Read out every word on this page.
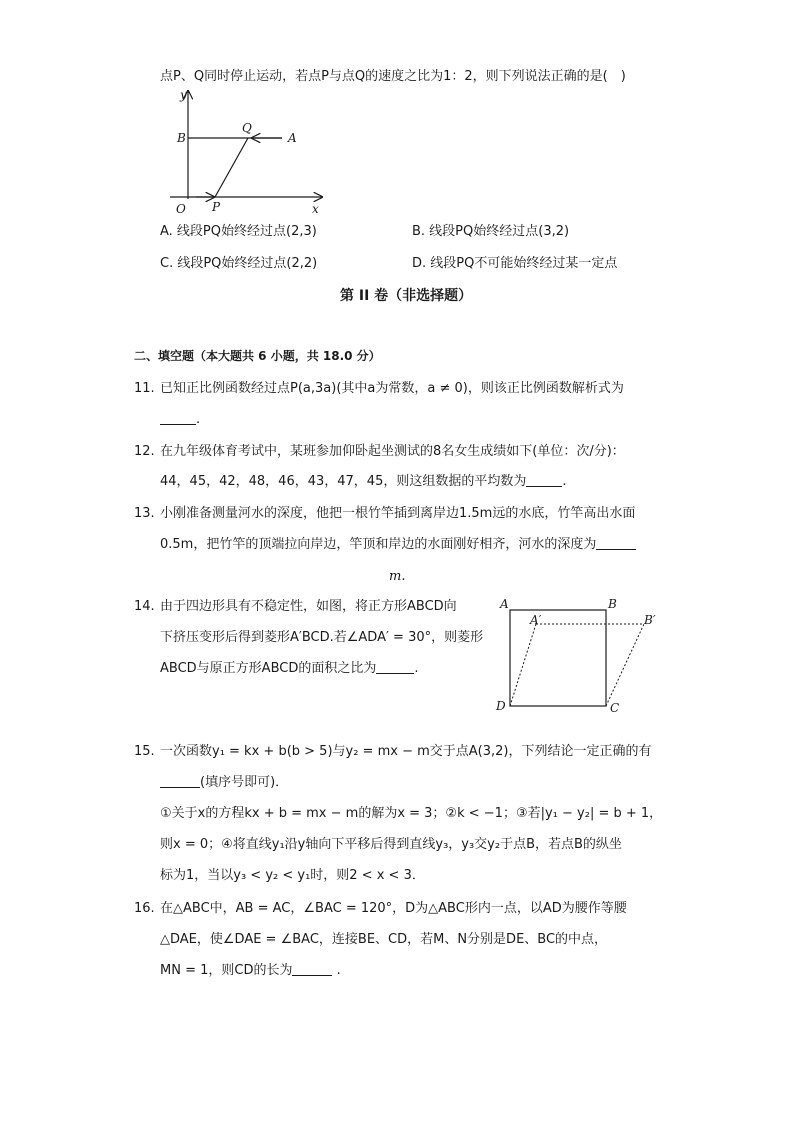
点P、Q同时停止运动，若点P与点Q的速度之比为1：2，则下列说法正确的是(　)
y
B
Q
A
O P	x
A. 线段PQ始终经过点(2,3)	B. 线段PQ始终经过点(3,2)
C. 线段PQ始终经过点(2,2)	D. 线段PQ不可能始终经过某一定点
第 II 卷（非选择题）
二、填空题（本大题共 6 小题，共 18.0 分）
11. 已知正比例函数经过点P(a,3a)(其中a为常数，a ≠ 0)，则该正比例函数解析式为
.
12. 在九年级体育考试中，某班参加仰卧起坐测试的8名女生成绩如下(单位：次/分)：
44，45，42，48，46，43，47，45，则这组数据的平均数为	.
13. 小刚准备测量河水的深度，他把一根竹竿插到离岸边1.5m远的水底，竹竿高出水面
0.5m，把竹竿的顶端拉向岸边，竿顶和岸边的水面刚好相齐，河水的深度为
m.
14. 由于四边形具有不稳定性，如图，将正方形ABCD向
下挤压变形后得到菱形A′BCD.若∠ADA′ = 30°，则菱形
ABCD与原正方形ABCD的面积之比为	.
A	B
A′	B′
D	C
15. 一次函数y₁ = kx + b(b > 5)与y₂ = mx − m交于点A(3,2)，下列结论一定正确的有
(填序号即可)．
①关于x的方程kx + b = mx − m的解为x = 3；②k < −1；③若|y₁ − y₂| = b + 1，
则x = 0；④将直线y₁沿y轴向下平移后得到直线y₃，y₃交y₂于点B，若点B的纵坐
标为1，当以y₃ < y₂ < y₁时，则2 < x < 3．
16. 在△ABC中，AB = AC，∠BAC = 120°，D为△ABC形内一点，以AD为腰作等腰
△DAE，使∠DAE = ∠BAC，连接BE、CD，若M、N分别是DE、BC的中点，
MN = 1，则CD的长为	.
